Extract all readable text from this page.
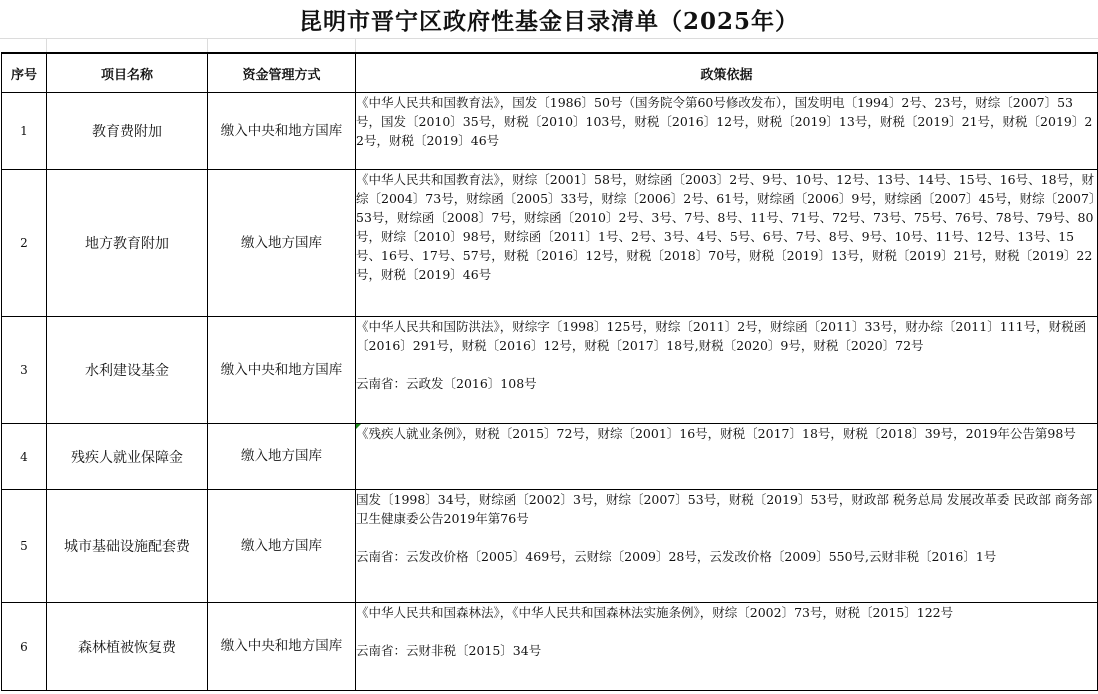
昆明市晋宁区政府性基金目录清单（2025年）
序号	项目名称	资金管理方式	政策依据
1	教育费附加	缴入中央和地方国库	《中华人民共和国教育法》，国发〔1986〕50号（国务院令第60号修改发布），国发明电〔1994〕2号、23号，财综〔2007〕53号，国发〔2010〕35号，财税〔2010〕103号，财税〔2016〕12号，财税〔2019〕13号，财税〔2019〕21号，财税〔2019〕22号，财税〔2019〕46号

2	地方教育附加	缴入地方国库	《中华人民共和国教育法》，财综〔2001〕58号，财综函〔2003〕2号、9号、10号、12号、13号、14号、15号、16号、18号，财综〔2004〕73号，财综函〔2005〕33号，财综〔2006〕2号、61号，财综函〔2006〕9号，财综函〔2007〕45号，财综〔2007〕53号，财综函〔2008〕7号，财综函〔2010〕2号、3号、7号、8号、11号、71号、72号、73号、75号、76号、78号、79号、80号，财综〔2010〕98号，财综函〔2011〕1号、2号、3号、4号、5号、6号、7号、8号、9号、10号、11号、12号、13号、15号、16号、17号、57号，财税〔2016〕12号，财税〔2018〕70号，财税〔2019〕13号，财税〔2019〕21号，财税〔2019〕22号，财税〔2019〕46号

3	水利建设基金	缴入中央和地方国库	《中华人民共和国防洪法》，财综字〔1998〕125号，财综〔2011〕2号，财综函〔2011〕33号，财办综〔2011〕111号，财税函〔2016〕291号，财税〔2016〕12号，财税〔2017〕18号,财税〔2020〕9号，财税〔2020〕72号
云南省：云政发〔2016〕108号

4	残疾人就业保障金	缴入地方国库	《残疾人就业条例》，财税〔2015〕72号，财综〔2001〕16号，财税〔2017〕18号，财税〔2018〕39号，2019年公告第98号

5	城市基础设施配套费	缴入地方国库	国发〔1998〕34号，财综函〔2002〕3号，财综〔2007〕53号，财税〔2019〕53号，财政部 税务总局 发展改革委 民政部 商务部 卫生健康委公告2019年第76号
云南省：云发改价格〔2005〕469号，云财综〔2009〕28号，云发改价格〔2009〕550号,云财非税〔2016〕1号

6	森林植被恢复费	缴入中央和地方国库	《中华人民共和国森林法》，《中华人民共和国森林法实施条例》，财综〔2002〕73号，财税〔2015〕122号
云南省：云财非税〔2015〕34号
